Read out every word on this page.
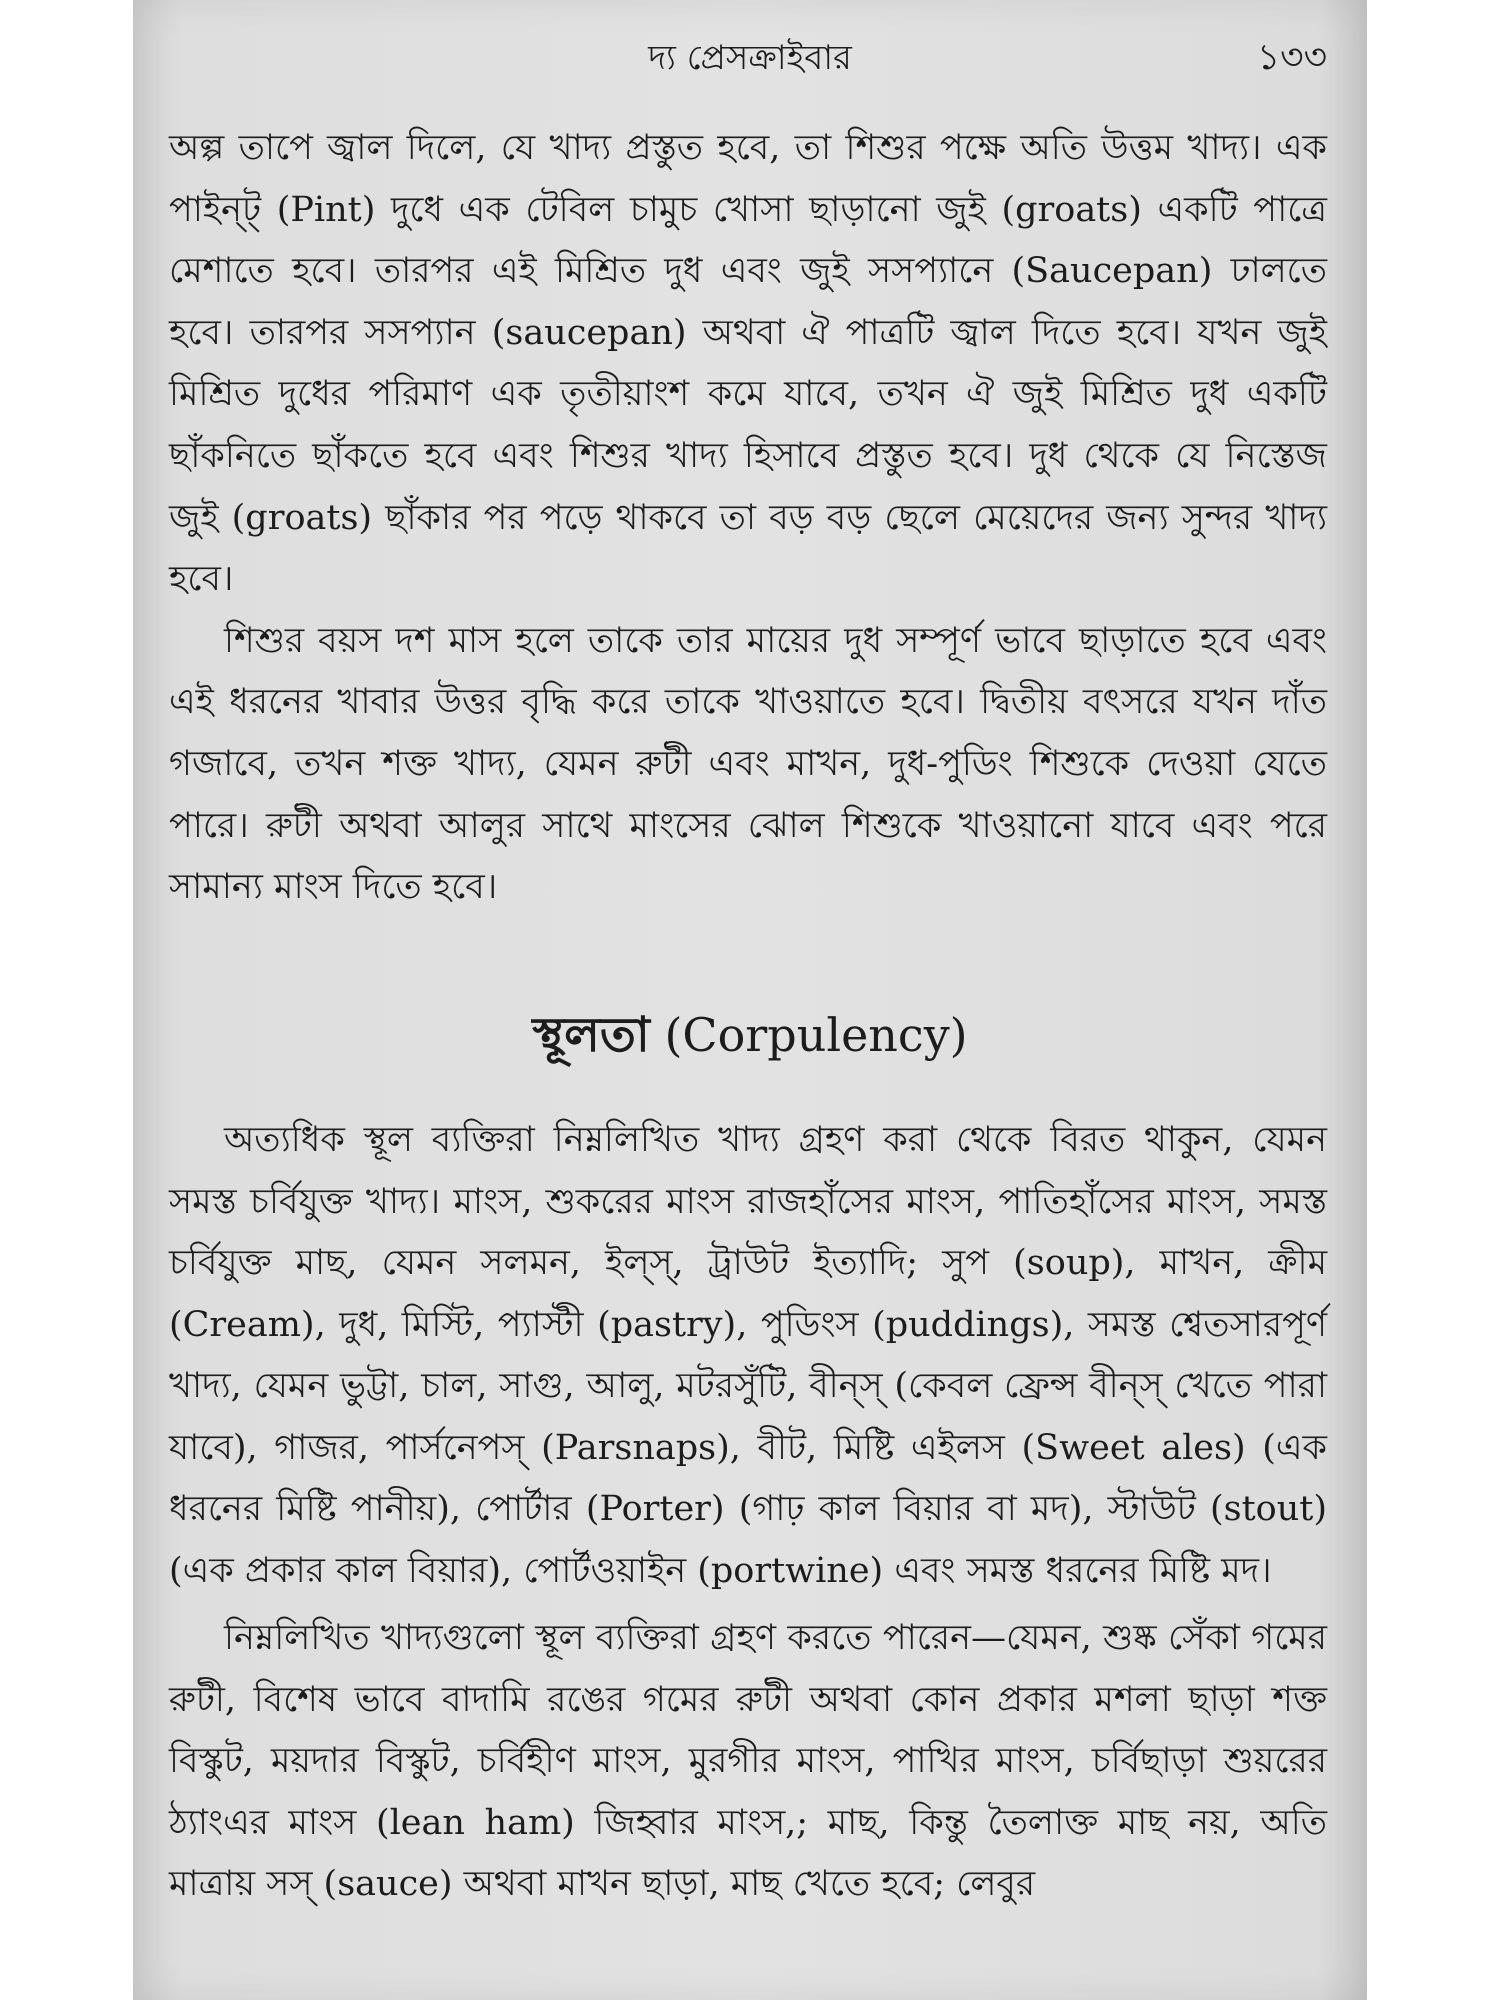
দ্য প্রেসক্রাইবার	১৩৩

অল্প তাপে জ্বাল দিলে, যে খাদ্য প্রস্তুত হবে, তা শিশুর পক্ষে অতি উত্তম খাদ্য। এক পাইন্ট্ (Pint) দুধে এক টেবিল চামুচ খোসা ছাড়ানো জুই (groats) একটি পাত্রে মেশাতে হবে। তারপর এই মিশ্রিত দুধ এবং জুই সসপ্যানে (Saucepan) ঢালতে হবে। তারপর সসপ্যান (saucepan) অথবা ঐ পাত্রটি জ্বাল দিতে হবে। যখন জুই মিশ্রিত দুধের পরিমাণ এক তৃতীয়াংশ কমে যাবে, তখন ঐ জুই মিশ্রিত দুধ একটি ছাঁকনিতে ছাঁকতে হবে এবং শিশুর খাদ্য হিসাবে প্রস্তুত হবে। দুধ থেকে যে নিস্তেজ জুই (groats) ছাঁকার পর পড়ে থাকবে তা বড় বড় ছেলে মেয়েদের জন্য সুন্দর খাদ্য হবে।

শিশুর বয়স দশ মাস হলে তাকে তার মায়ের দুধ সম্পূর্ণ ভাবে ছাড়াতে হবে এবং এই ধরনের খাবার উত্তর বৃদ্ধি করে তাকে খাওয়াতে হবে। দ্বিতীয় বৎসরে যখন দাঁত গজাবে, তখন শক্ত খাদ্য, যেমন রুটী এবং মাখন, দুধ-পুডিং শিশুকে দেওয়া যেতে পারে। রুটী অথবা আলুর সাথে মাংসের ঝোল শিশুকে খাওয়ানো যাবে এবং পরে সামান্য মাংস দিতে হবে।

স্থূলতা (Corpulency)

অত্যধিক স্থূল ব্যক্তিরা নিম্নলিখিত খাদ্য গ্রহণ করা থেকে বিরত থাকুন, যেমন সমস্ত চর্বিযুক্ত খাদ্য। মাংস, শুকরের মাংস রাজহাঁসের মাংস, পাতিহাঁসের মাংস, সমস্ত চর্বিযুক্ত মাছ, যেমন সলমন, ইল্‌স্, ট্রাউট ইত্যাদি; সুপ (soup), মাখন, ক্রীম (Cream), দুধ, মিস্টি, প্যাস্টী (pastry), পুডিংস (puddings), সমস্ত শ্বেতসারপূর্ণ খাদ্য, যেমন ভুট্টা, চাল, সাগু, আলু, মটরসুঁটি, বীন্‌স্ (কেবল ফ্রেন্স বীন্‌স্ খেতে পারা যাবে), গাজর, পার্সনেপস্ (Parsnaps), বীট, মিষ্টি এইলস (Sweet ales) (এক ধরনের মিষ্টি পানীয়), পোর্টার (Porter) (গাঢ় কাল বিয়ার বা মদ), স্টাউট (stout) (এক প্রকার কাল বিয়ার), পোর্টওয়াইন (portwine) এবং সমস্ত ধরনের মিষ্টি মদ।

নিম্নলিখিত খাদ্যগুলো স্থূল ব্যক্তিরা গ্রহণ করতে পারেন—যেমন, শুষ্ক সেঁকা গমের রুটী, বিশেষ ভাবে বাদামি রঙের গমের রুটী অথবা কোন প্রকার মশলা ছাড়া শক্ত বিস্কুট, ময়দার বিস্কুট, চর্বিহীণ মাংস, মুরগীর মাংস, পাখির মাংস, চর্বিছাড়া শুয়রের ঠ্যাংএর মাংস (lean ham) জিহ্বার মাংস,; মাছ, কিন্তু তৈলাক্ত মাছ নয়, অতি মাত্রায় সস্ (sauce) অথবা মাখন ছাড়া, মাছ খেতে হবে; লেবুর
